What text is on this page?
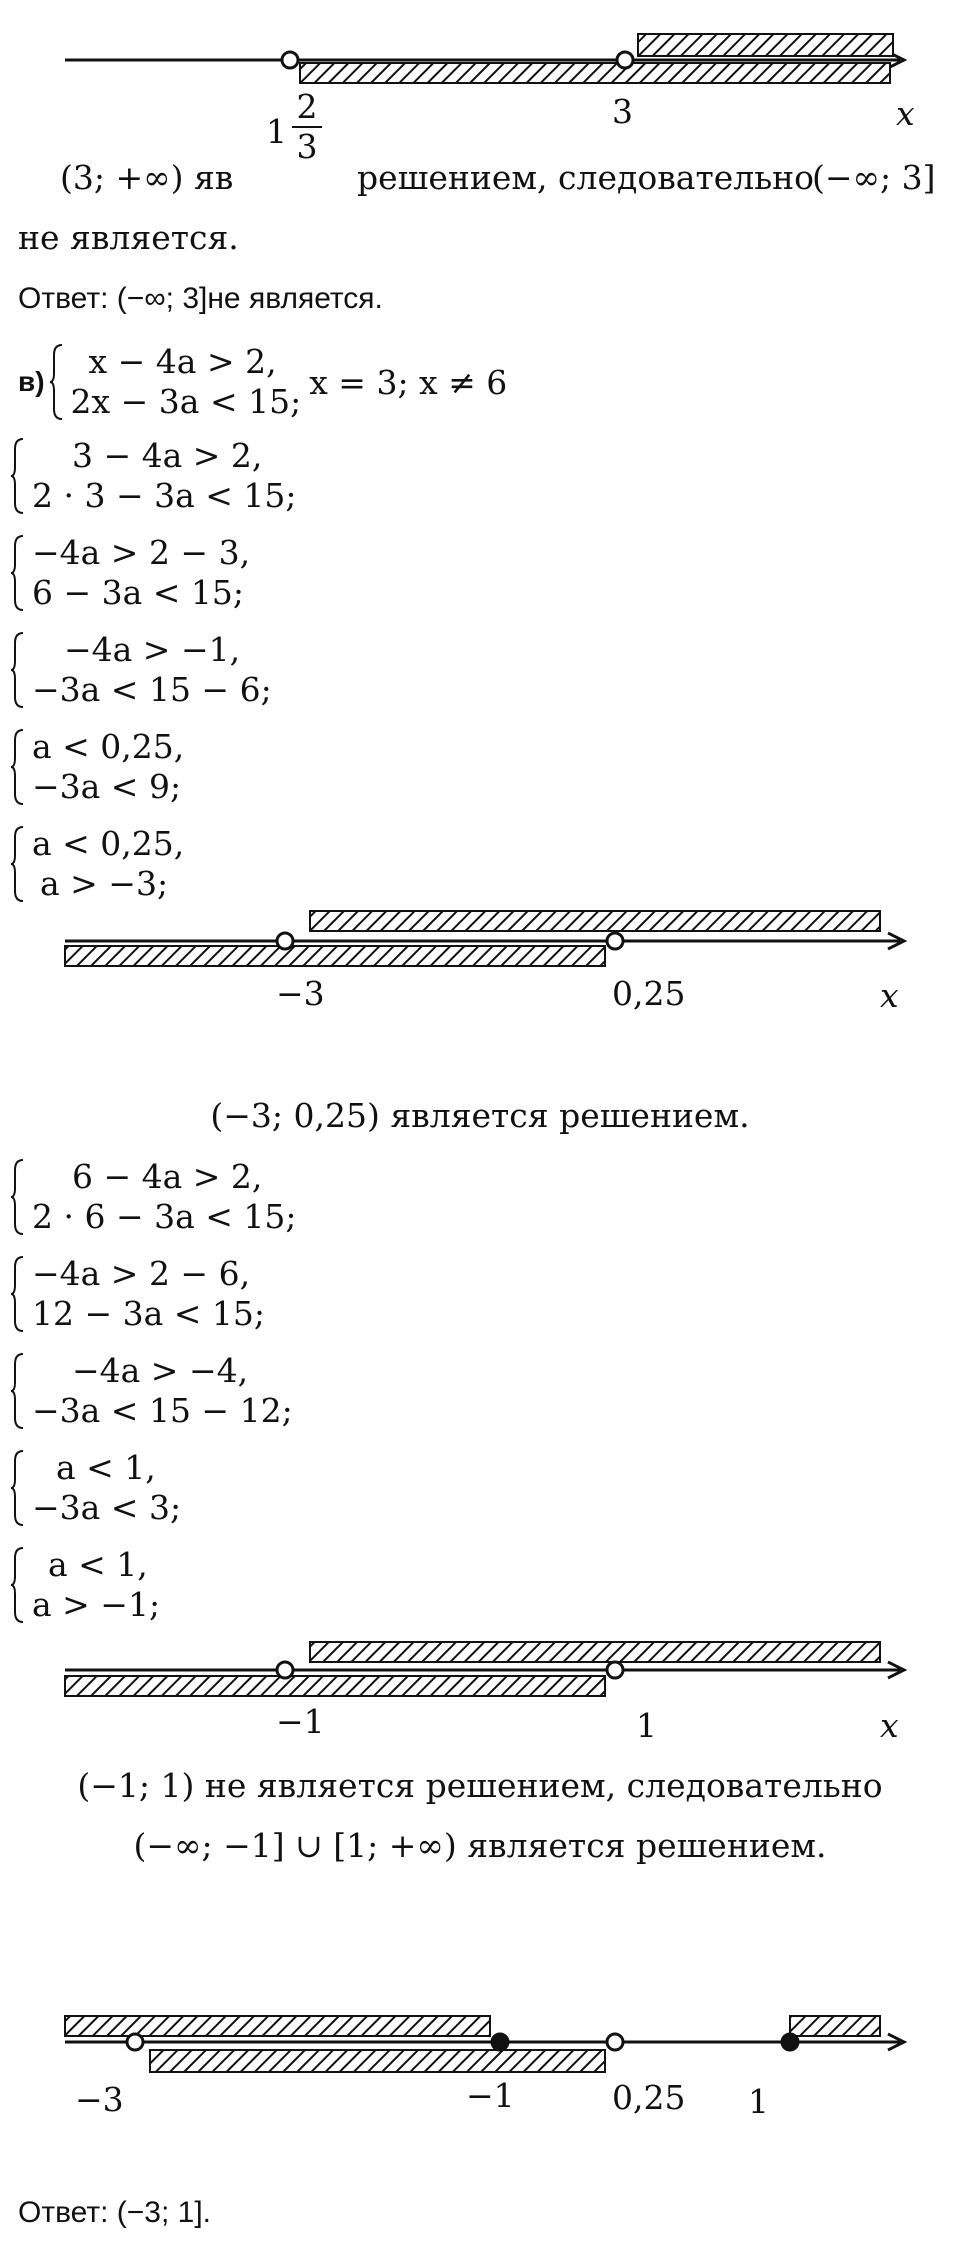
1
2
3
3	x
(3; +∞) яв	решением, следовательно
(−∞; 3]
не является.
Ответ: (−∞; 3]не является.
в)
x − 4a > 2,
2x − 3a < 15; x = 3; x ≠ 6
3 − 4a > 2,
2 · 3 − 3a < 15;
−4a > 2 − 3,
6 − 3a < 15;
−4a > −1,
−3a < 15 − 6;
a < 0,25,
−3a < 9;
a < 0,25,
a > −3;
−3	0,25	x
(−3; 0,25) является решением.
6 − 4a > 2,
2 · 6 − 3a < 15;
−4a > 2 − 6,
12 − 3a < 15;
−4a > −4,
−3a < 15 − 12;
a < 1,
−3a < 3;
a < 1,
a > −1;
−1	1	x
(−1; 1) не является решением, следовательно
(−∞; −1] ∪ [1; +∞) является решением.
−3	−1	0,25 1
Ответ: (−3; 1].
